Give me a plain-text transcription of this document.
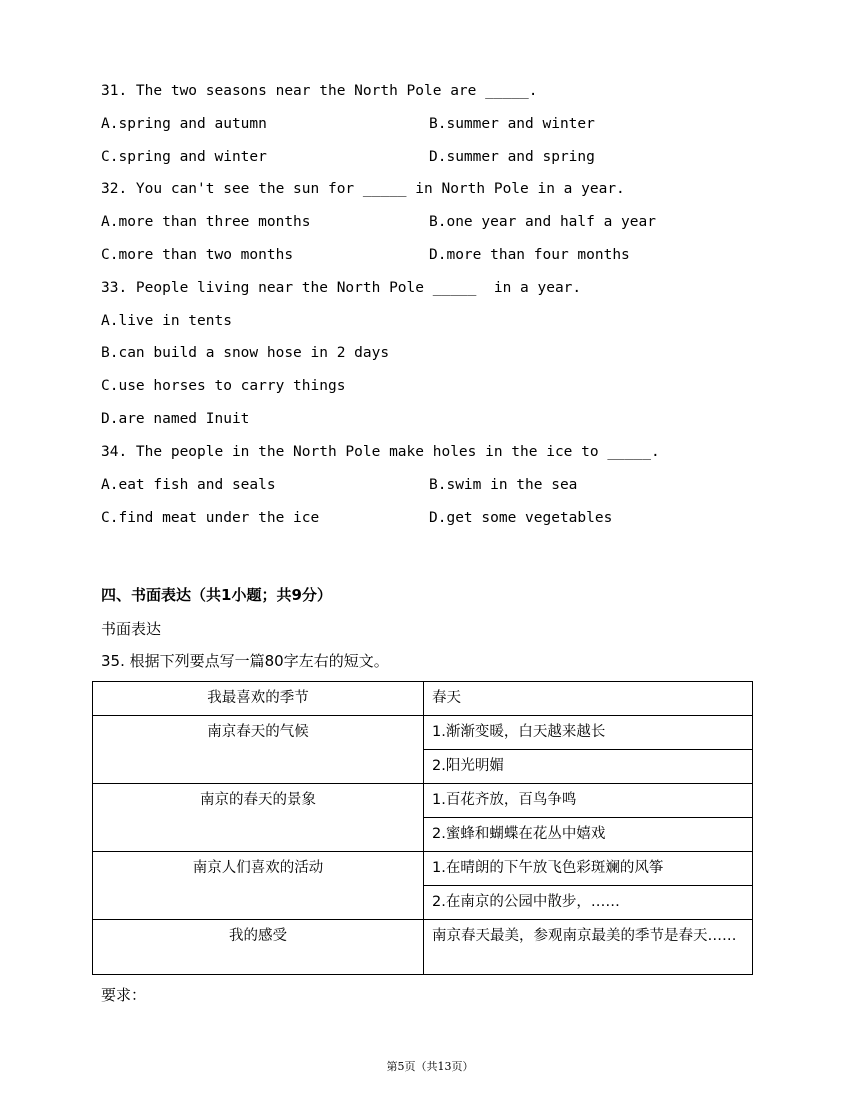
31. The two seasons near the North Pole are _____.
A.spring and autumn	B.summer and winter
C.spring and winter	D.summer and spring
32. You can't see the sun for _____ in North Pole in a year.
A.more than three months	B.one year and half a year
C.more than two months	D.more than four months
33. People living near the North Pole _____  in a year.
A.live in tents
B.can build a snow hose in 2 days
C.use horses to carry things
D.are named Inuit
34. The people in the North Pole make holes in the ice to _____.
A.eat fish and seals	B.swim in the sea
C.find meat under the ice	D.get some vegetables
四、书面表达（共1小题；共9分）
书面表达
35. 根据下列要点写一篇80字左右的短文。
我最喜欢的季节	春天
南京春天的气候	1.渐渐变暖，白天越来越长
	2.阳光明媚
南京的春天的景象	1.百花齐放，百鸟争鸣
	2.蜜蜂和蝴蝶在花丛中嬉戏
南京人们喜欢的活动	1.在晴朗的下午放飞色彩斑斓的风筝
	2.在南京的公园中散步，……
我的感受	南京春天最美，参观南京最美的季节是春天……
要求：
第5页（共13页）
